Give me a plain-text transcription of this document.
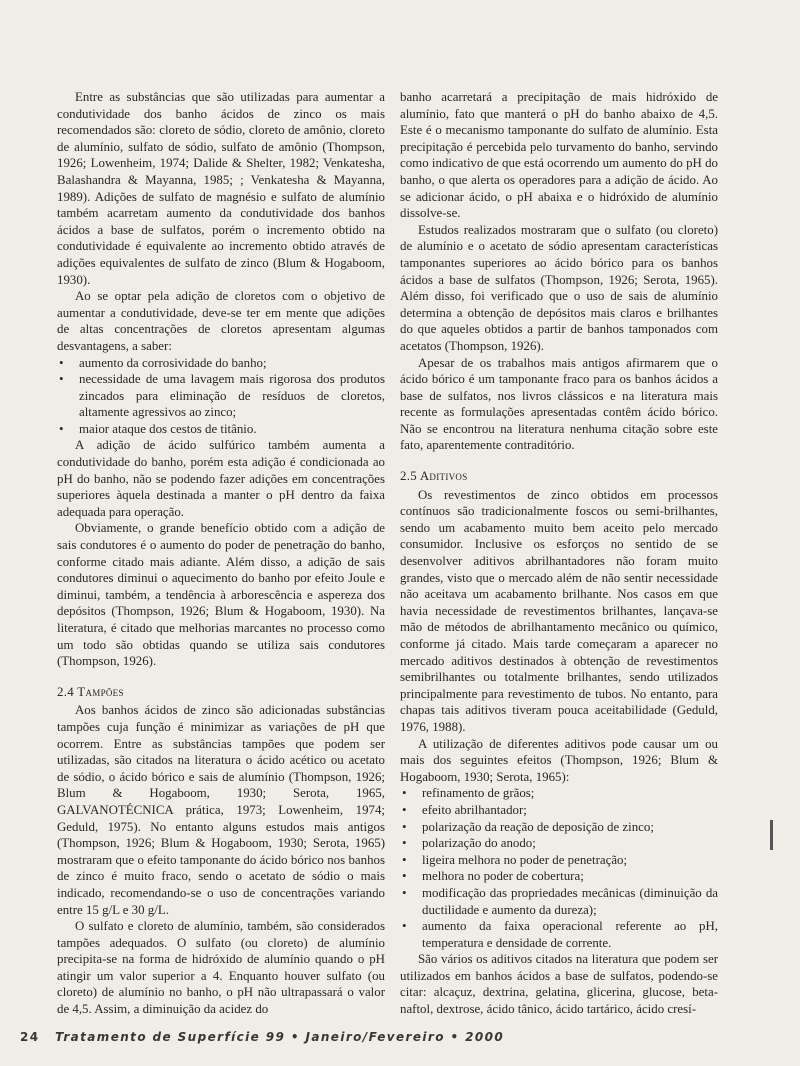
Entre as substâncias que são utilizadas para aumentar a condutividade dos banho ácidos de zinco os mais recomendados são: cloreto de sódio, cloreto de amônio, cloreto de alumínio, sulfato de sódio, sulfato de amônio (Thompson, 1926; Lowenheim, 1974; Dalide & Shelter, 1982; Venkatesha, Balashandra & Mayanna, 1985; ; Venkatesha & Mayanna, 1989). Adições de sulfato de magnésio e sulfato de alumínio também acarretam aumento da condutividade dos banhos ácidos a base de sulfatos, porém o incremento obtido na condutividade é equivalente ao incremento obtido através de adições equivalentes de sulfato de zinco (Blum & Hogaboom, 1930).

Ao se optar pela adição de cloretos com o objetivo de aumentar a condutividade, deve-se ter em mente que adições de altas concentrações de cloretos apresentam algumas desvantagens, a saber:

• aumento da corrosividade do banho;
• necessidade de uma lavagem mais rigorosa dos produtos zincados para eliminação de resíduos de cloretos, altamente agressivos ao zinco;
• maior ataque dos cestos de titânio.

A adição de ácido sulfúrico também aumenta a condutividade do banho, porém esta adição é condicionada ao pH do banho, não se podendo fazer adições em concentrações superiores àquela destinada a manter o pH dentro da faixa adequada para operação.

Obviamente, o grande benefício obtido com a adição de sais condutores é o aumento do poder de penetração do banho, conforme citado mais adiante. Além disso, a adição de sais condutores diminui o aquecimento do banho por efeito Joule e diminui, também, a tendência à arborescência e aspereza dos depósitos (Thompson, 1926; Blum & Hogaboom, 1930). Na literatura, é citado que melhorias marcantes no processo como um todo são obtidas quando se utiliza sais condutores (Thompson, 1926).

2.4 Tampões

Aos banhos ácidos de zinco são adicionadas substâncias tampões cuja função é minimizar as variações de pH que ocorrem. Entre as substâncias tampões que podem ser utilizadas, são citados na literatura o ácido acético ou acetato de sódio, o ácido bórico e sais de alumínio (Thompson, 1926; Blum & Hogaboom, 1930; Serota, 1965, GALVANOTÉCNICA prática, 1973; Lowenheim, 1974; Geduld, 1975). No entanto alguns estudos mais antigos (Thompson, 1926; Blum & Hogaboom, 1930; Serota, 1965) mostraram que o efeito tamponante do ácido bórico nos banhos de zinco é muito fraco, sendo o acetato de sódio o mais indicado, recomendando-se o uso de concentrações variando entre 15 g/L e 30 g/L.

O sulfato e cloreto de alumínio, também, são considerados tampões adequados. O sulfato (ou cloreto) de alumínio precipita-se na forma de hidróxido de alumínio quando o pH atingir um valor superior a 4. Enquanto houver sulfato (ou cloreto) de alumínio no banho, o pH não ultrapassará o valor de 4,5. Assim, a diminuição da acidez do

banho acarretará a precipitação de mais hidróxido de alumínio, fato que manterá o pH do banho abaixo de 4,5. Este é o mecanismo tamponante do sulfato de alumínio. Esta precipitação é percebida pelo turvamento do banho, servindo como indicativo de que está ocorrendo um aumento do pH do banho, o que alerta os operadores para a adição de ácido. Ao se adicionar ácido, o pH abaixa e o hidróxido de alumínio dissolve-se.

Estudos realizados mostraram que o sulfato (ou cloreto) de alumínio e o acetato de sódio apresentam características tamponantes superiores ao ácido bórico para os banhos ácidos a base de sulfatos (Thompson, 1926; Serota, 1965). Além disso, foi verificado que o uso de sais de alumínio determina a obtenção de depósitos mais claros e brilhantes do que aqueles obtidos a partir de banhos tamponados com acetatos (Thompson, 1926).

Apesar de os trabalhos mais antigos afirmarem que o ácido bórico é um tamponante fraco para os banhos ácidos a base de sulfatos, nos livros clássicos e na literatura mais recente as formulações apresentadas contêm ácido bórico. Não se encontrou na literatura nenhuma citação sobre este fato, aparentemente contraditório.

2.5 Aditivos

Os revestimentos de zinco obtidos em processos contínuos são tradicionalmente foscos ou semi-brilhantes, sendo um acabamento muito bem aceito pelo mercado consumidor. Inclusive os esforços no sentido de se desenvolver aditivos abrilhantadores não foram muito grandes, visto que o mercado além de não sentir necessidade não aceitava um acabamento brilhante. Nos casos em que havia necessidade de revestimentos brilhantes, lançava-se mão de métodos de abrilhantamento mecânico ou químico, conforme já citado. Mais tarde começaram a aparecer no mercado aditivos destinados à obtenção de revestimentos semibrilhantes ou totalmente brilhantes, sendo utilizados principalmente para revestimento de tubos. No entanto, para chapas tais aditivos tiveram pouca aceitabilidade (Geduld, 1976, 1988).

A utilização de diferentes aditivos pode causar um ou mais dos seguintes efeitos (Thompson, 1926; Blum & Hogaboom, 1930; Serota, 1965):

• refinamento de grãos;
• efeito abrilhantador;
• polarização da reação de deposição de zinco;
• polarização do anodo;
• ligeira melhora no poder de penetração;
• melhora no poder de cobertura;
• modificação das propriedades mecânicas (diminuição da ductilidade e aumento da dureza);
• aumento da faixa operacional referente ao pH, temperatura e densidade de corrente.

São vários os aditivos citados na literatura que podem ser utilizados em banhos ácidos a base de sulfatos, podendo-se citar: alcaçuz, dextrina, gelatina, glicerina, glucose, beta-naftol, dextrose, ácido tânico, ácido tartárico, ácido cresí-

24 Tratamento de Superfície 99 • Janeiro/Fevereiro • 2000
